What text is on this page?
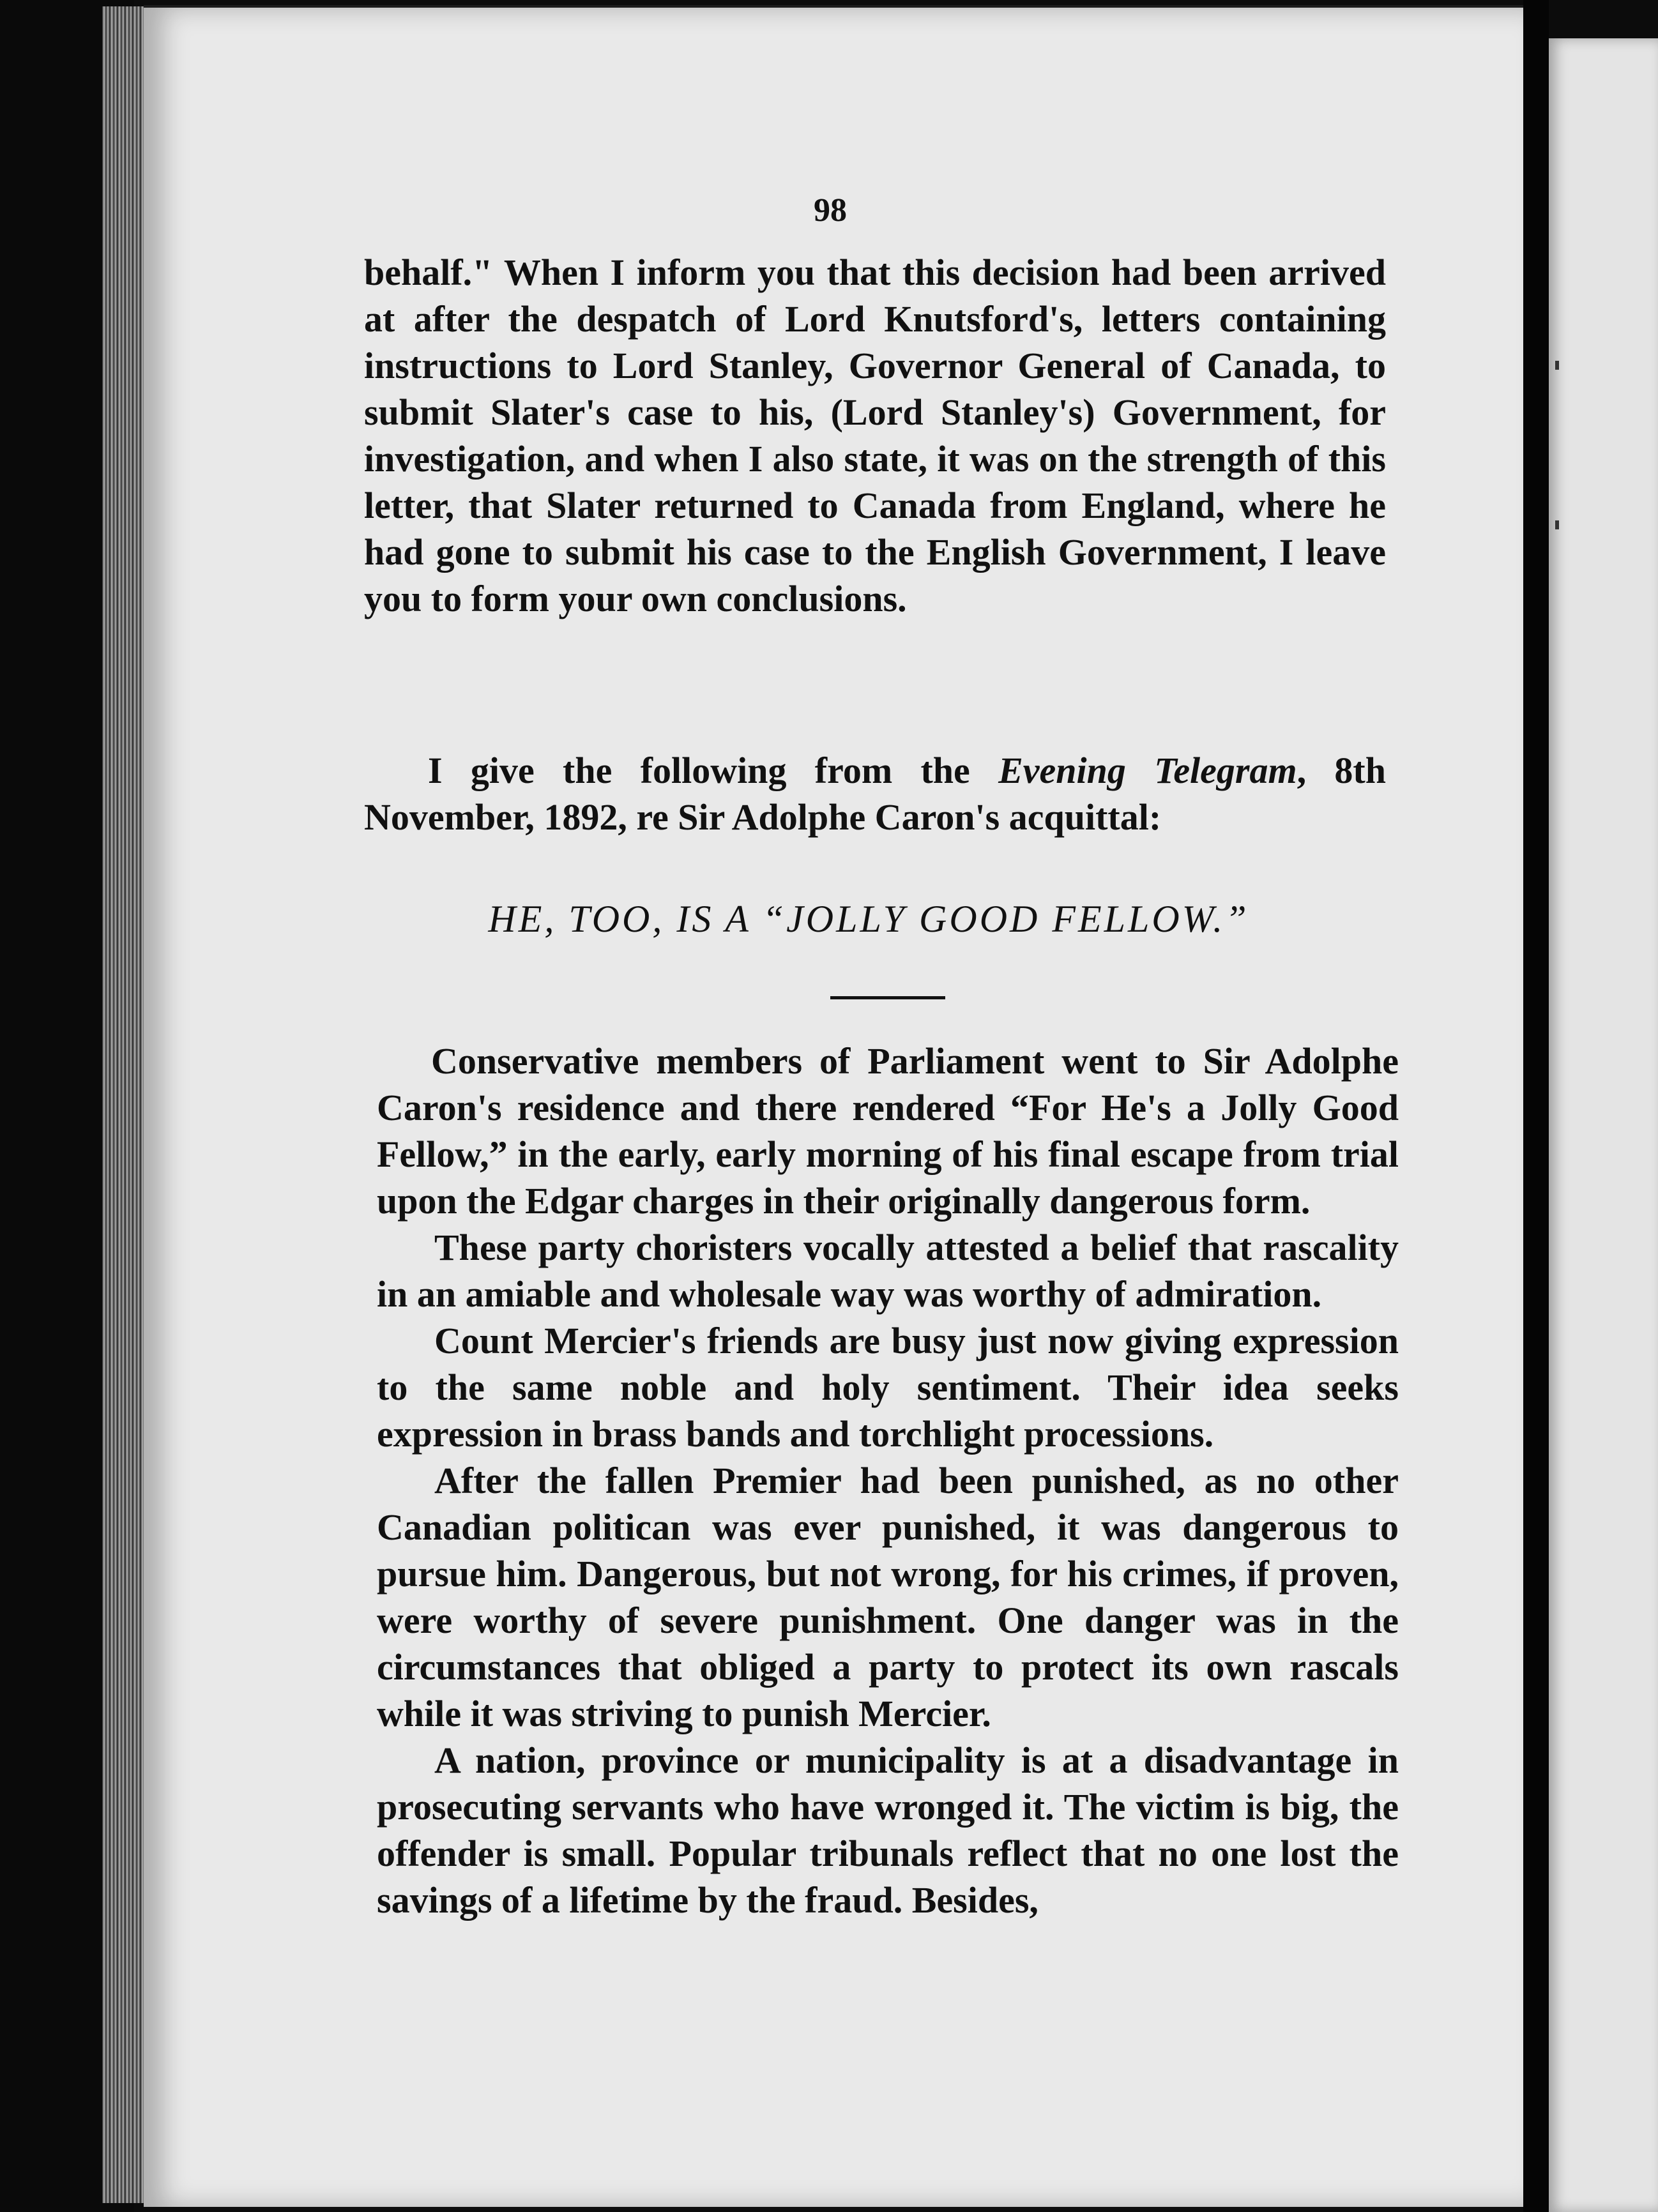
98
behalf." When I inform you that this decision had been arrived at after the despatch of Lord Knutsford's, letters containing instructions to Lord Stanley, Governor General of Canada, to submit Slater's case to his, (Lord Stanley's) Government, for investigation, and when I also state, it was on the strength of this letter, that Slater returned to Canada from England, where he had gone to submit his case to the English Government, I leave you to form your own conclusions.
I give the following from the Evening Telegram, 8th November, 1892, re Sir Adolphe Caron's acquittal:
HE, TOO, IS A “JOLLY GOOD FELLOW.”

Conservative members of Parliament went to Sir Adolphe Caron's residence and there rendered “For He's a Jolly Good Fellow,” in the early, early morning of his final escape from trial upon the Edgar charges in their originally dangerous form.

These party choristers vocally attested a belief that rascality in an amiable and wholesale way was worthy of admiration.

Count Mercier's friends are busy just now giving expression to the same noble and holy sentiment. Their idea seeks expression in brass bands and torchlight processions.

After the fallen Premier had been punished, as no other Canadian politican was ever punished, it was dangerous to pursue him. Dangerous, but not wrong, for his crimes, if proven, were worthy of severe punishment. One danger was in the circumstances that obliged a party to protect its own rascals while it was striving to punish Mercier.

A nation, province or municipality is at a disadvantage in prosecuting servants who have wronged it. The victim is big, the offender is small. Popular tribunals reflect that no one lost the savings of a lifetime by the fraud. Besides,
